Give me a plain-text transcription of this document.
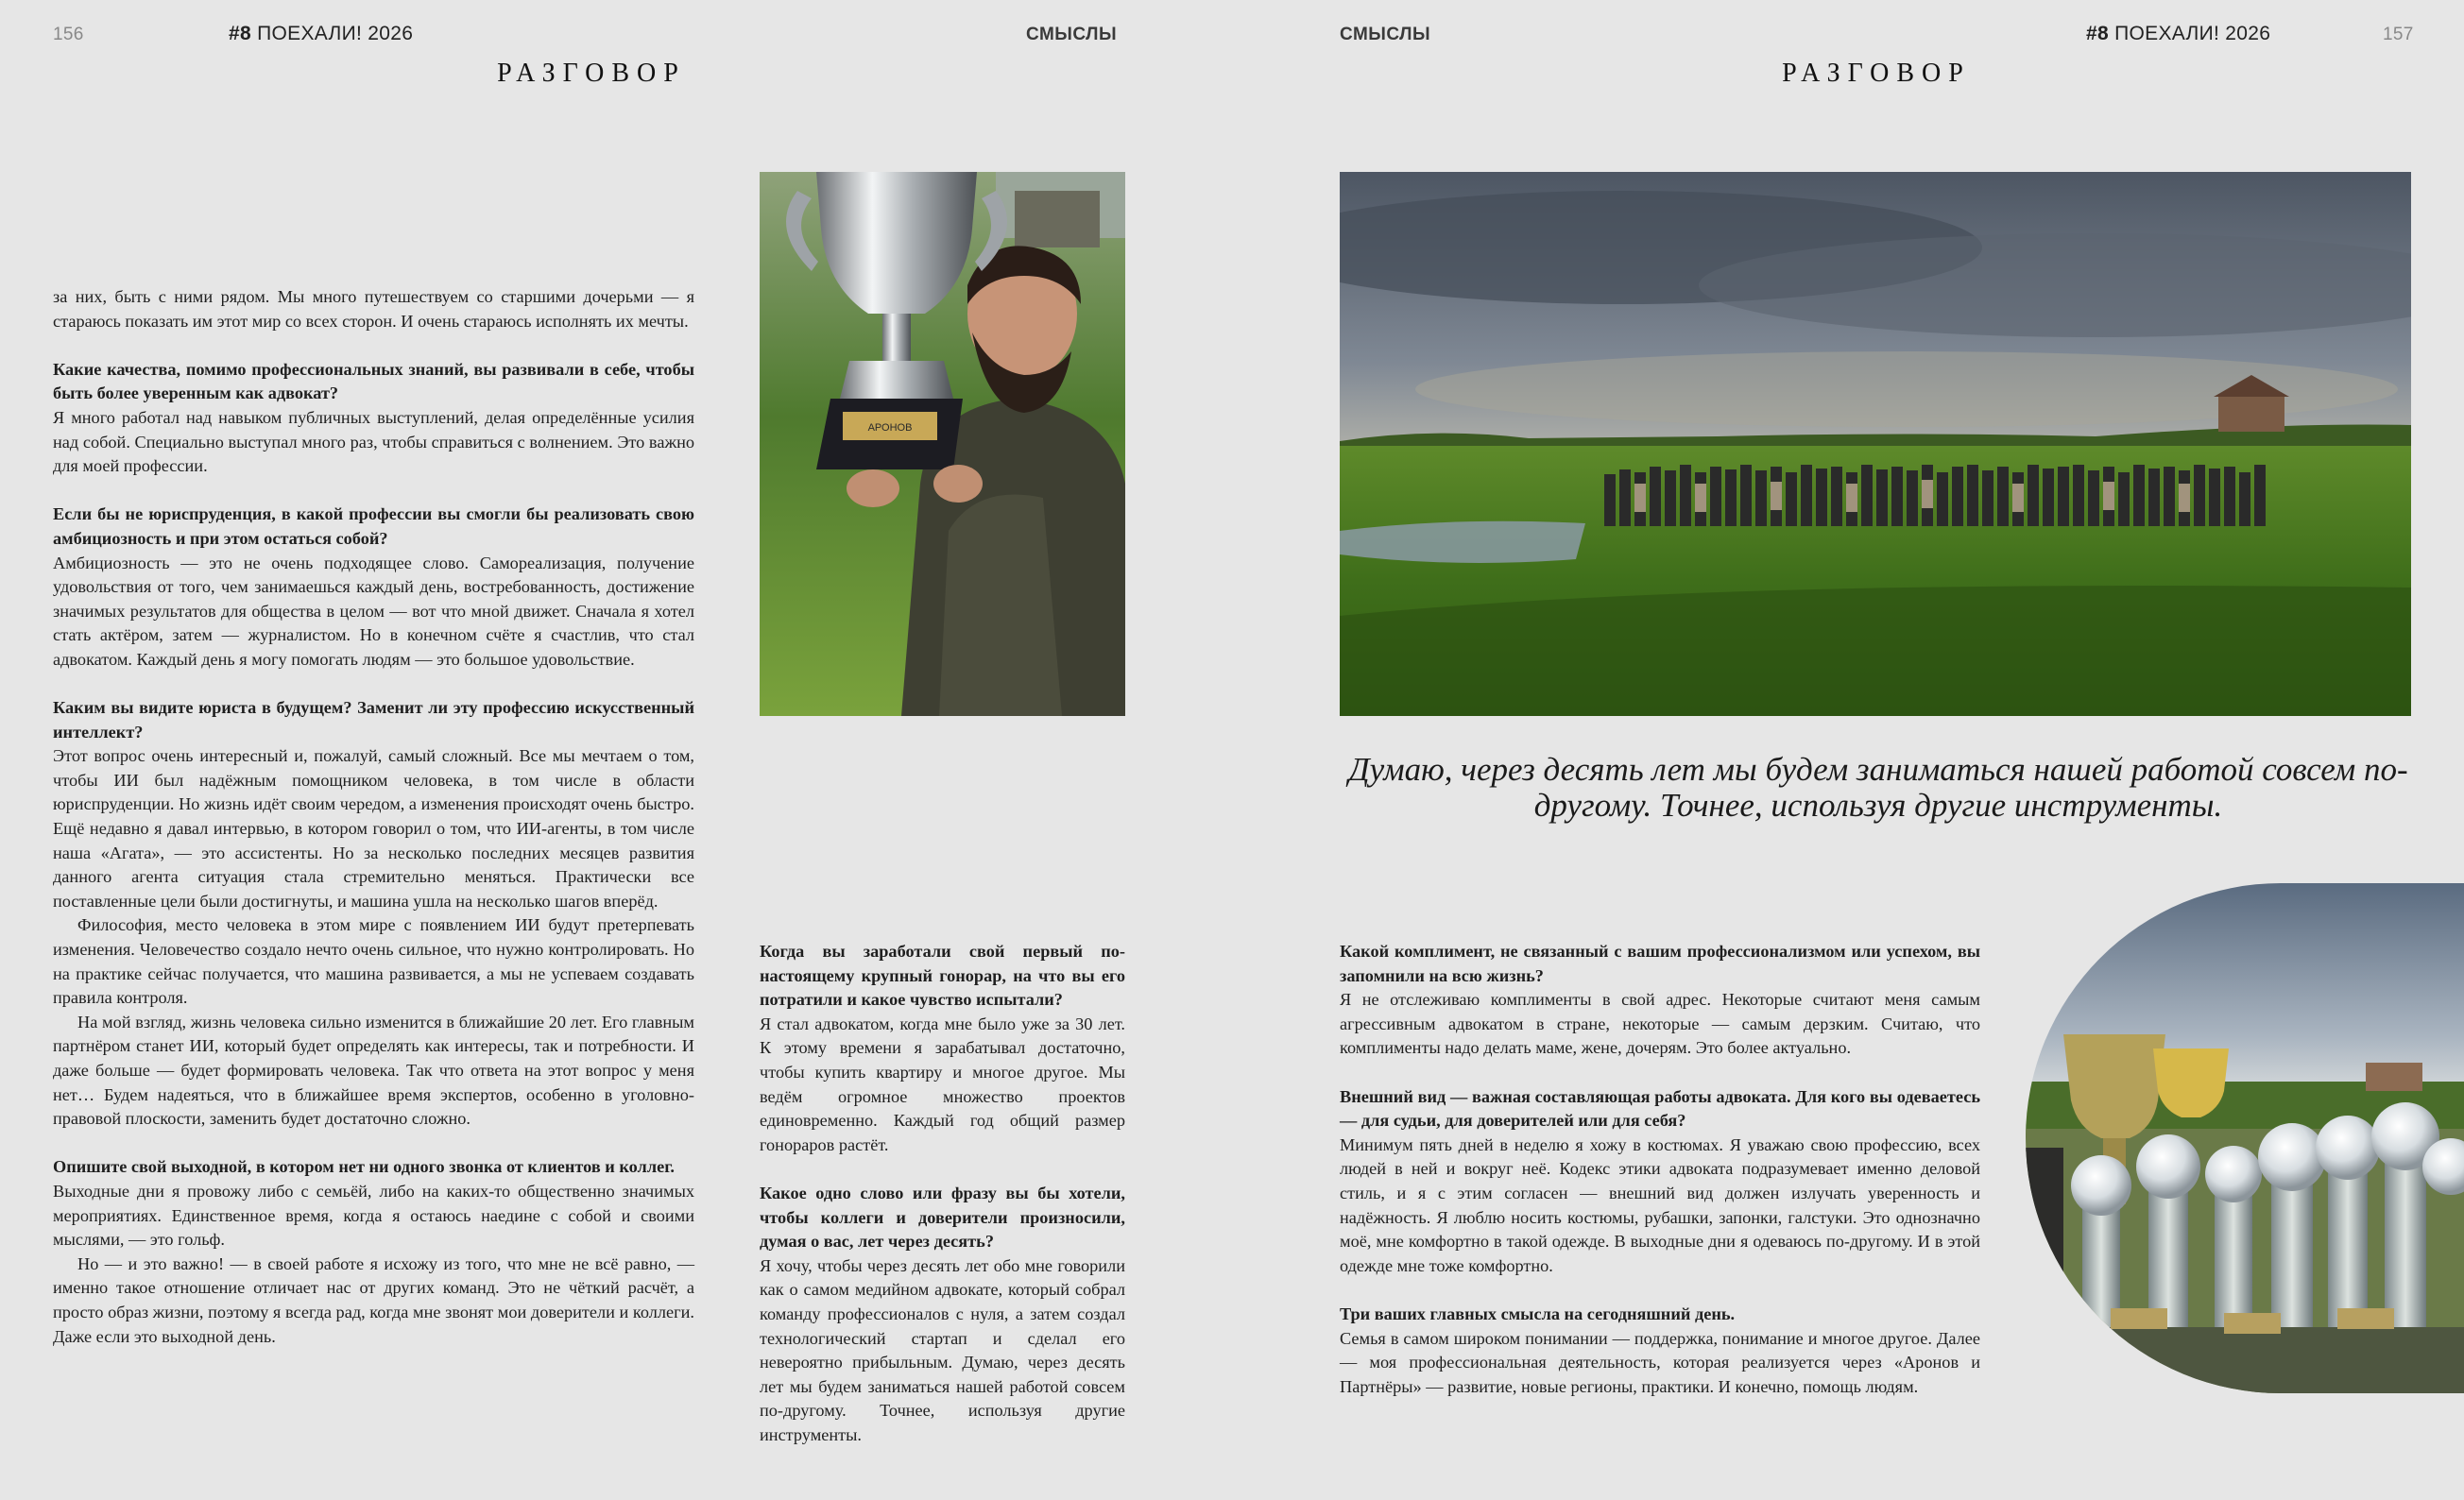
156	#8 ПОЕХАЛИ! 2026	СМЫСЛЫ
РАЗГОВОР
СМЫСЛЫ	#8 ПОЕХАЛИ! 2026	157
РАЗГОВОР

за них, быть с ними рядом. Мы много путешествуем со старшими дочерьми — я стараюсь показать им этот мир со всех сторон. И очень стараюсь исполнять их мечты.

Какие качества, помимо профессиональных знаний, вы развивали в себе, чтобы быть более уверенным как адвокат?

Я много работал над навыком публичных выступлений, делая определённые усилия над собой. Специально выступал много раз, чтобы справиться с волнением. Это важно для моей профессии.

Если бы не юриспруденция, в какой профессии вы смогли бы реализовать свою амбициозность и при этом остаться собой?

Амбициозность — это не очень подходящее слово. Самореализация, получение удовольствия от того, чем занимаешься каждый день, востребованность, достижение значимых результатов для общества в целом — вот что мной движет. Сначала я хотел стать актёром, затем — журналистом. Но в конечном счёте я счастлив, что стал адвокатом. Каждый день я могу помогать людям — это большое удовольствие.

Каким вы видите юриста в будущем? Заменит ли эту профессию искусственный интеллект?

Этот вопрос очень интересный и, пожалуй, самый сложный. Все мы мечтаем о том, чтобы ИИ был надёжным помощником человека, в том числе в области юриспруденции. Но жизнь идёт своим чередом, а изменения происходят очень быстро. Ещё недавно я давал интервью, в котором говорил о том, что ИИ-агенты, в том числе наша «Агата», — это ассистенты. Но за несколько последних месяцев развития данного агента ситуация стала стремительно меняться. Практически все поставленные цели были достигнуты, и машина ушла на несколько шагов вперёд.

Философия, место человека в этом мире с появлением ИИ будут претерпевать изменения. Человечество создало нечто очень сильное, что нужно контролировать. Но на практике сейчас получается, что машина развивается, а мы не успеваем создавать правила контроля.

На мой взгляд, жизнь человека сильно изменится в ближайшие 20 лет. Его главным партнёром станет ИИ, который будет определять как интересы, так и потребности. И даже больше — будет формировать человека. Так что ответа на этот вопрос у меня нет… Будем надеяться, что в ближайшее время экспертов, особенно в уголовно-правовой плоскости, заменить будет достаточно сложно.

Опишите свой выходной, в котором нет ни одного звонка от клиентов и коллег.

Выходные дни я провожу либо с семьёй, либо на каких-то общественно значимых мероприятиях. Единственное время, когда я остаюсь наедине с собой и своими мыслями, — это гольф.

Но — и это важно! — в своей работе я исхожу из того, что мне не всё равно, — именно такое отношение отличает нас от других команд. Это не чёткий расчёт, а просто образ жизни, поэтому я всегда рад, когда мне звонят мои доверители и коллеги. Даже если это выходной день.

АРОНОВ

Когда вы заработали свой первый по-настоящему крупный гонорар, на что вы его потратили и какое чувство испытали?

Я стал адвокатом, когда мне было уже за 30 лет. К этому времени я зарабатывал достаточно, чтобы купить квартиру и многое другое. Мы ведём огромное множество проектов единовременно. Каждый год общий размер гонораров растёт.

Какое одно слово или фразу вы бы хотели, чтобы коллеги и доверители произносили, думая о вас, лет через десять?

Я хочу, чтобы через десять лет обо мне говорили как о самом медийном адвокате, который собрал команду профессионалов с нуля, а затем создал технологический стартап и сделал его невероятно прибыльным. Думаю, через десять лет мы будем заниматься нашей работой совсем по-другому. Точнее, используя другие инструменты.

Думаю, через десять лет мы будем заниматься нашей работой совсем по-другому. Точнее, используя другие инструменты.

Какой комплимент, не связанный с вашим профессионализмом или успехом, вы запомнили на всю жизнь?

Я не отслеживаю комплименты в свой адрес. Некоторые считают меня самым агрессивным адвокатом в стране, некоторые — самым дерзким. Считаю, что комплименты надо делать маме, жене, дочерям. Это более актуально.

Внешний вид — важная составляющая работы адвоката. Для кого вы одеваетесь — для судьи, для доверителей или для себя?

Минимум пять дней в неделю я хожу в костюмах. Я уважаю свою профессию, всех людей в ней и вокруг неё. Кодекс этики адвоката подразумевает именно деловой стиль, и я с этим согласен — внешний вид должен излучать уверенность и надёжность. Я люблю носить костюмы, рубашки, запонки, галстуки. Это однозначно моё, мне комфортно в такой одежде. В выходные дни я одеваюсь по-другому. И в этой одежде мне тоже комфортно.

Три ваших главных смысла на сегодняшний день.

Семья в самом широком понимании — поддержка, понимание и многое другое. Далее — моя профессиональная деятельность, которая реализуется через «Аронов и Партнёры» — развитие, новые регионы, практики. И конечно, помощь людям.
